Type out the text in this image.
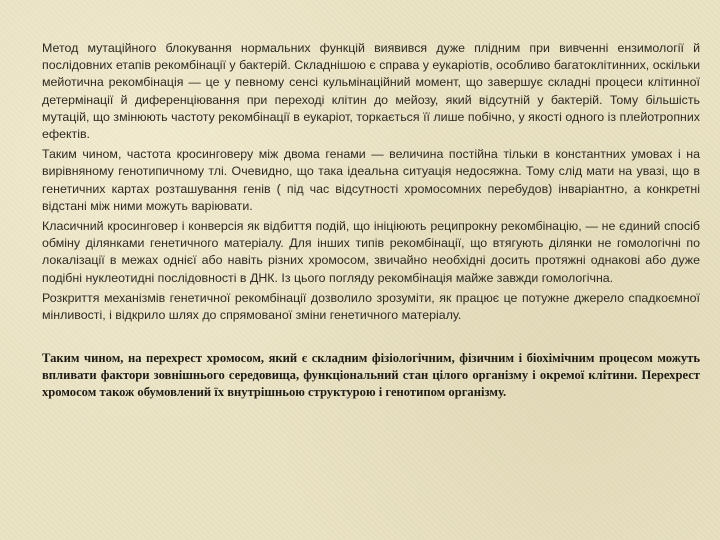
Метод мутаційного блокування нормальних функцій виявився дуже плідним при вивченні ензимології й послідовних етапів рекомбінації у бактерій. Складнішою є справа у еукаріотів, особливо багатоклітинних, оскільки мейотична рекомбінація — це у певному сенсі кульмінаційний момент, що завершує складні процеси клітинної детермінації й диференціювання при переході клітин до мейозу, який відсутній у бактерій. Тому більшість мутацій, що змінюють частоту рекомбінації в еукаріот, торкається її лише побічно, у якості одного із плейотропних ефектів.

Таким чином, частота кросинговеру між двома генами — величина постійна тільки в константних умовах і на вирівняному генотипичному тлі. Очевидно, що така ідеальна ситуація недосяжна. Тому слід мати на увазі, що в генетичних картах розташування генів ( під час відсутності хромосомних перебудов) інваріантно, а конкретні відстані між ними можуть варіювати.

Класичний кросинговер і конверсія як відбиття подій, що ініціюють реципрокну рекомбінацію, — не єдиний спосіб обміну ділянками генетичного матеріалу. Для інших типів рекомбінації, що втягують ділянки не гомологічні по локалізації в межах однієї або навіть різних хромосом, звичайно необхідні досить протяжні однакові або дуже подібні нуклеотидні послідовності в ДНК. Із цього погляду рекомбінація майже завжди гомологічна.

Розкриття механізмів генетичної рекомбінації дозволило зрозуміти, як працює це потужне джерело спадкоємної мінливості, і відкрило шлях до спрямованої зміни генетичного матеріалу.

Таким чином, на перехрест хромосом, який є складним фізіологічним, фізичним і біохімічним процесом можуть впливати фактори зовнішнього середовища, функціональний стан цілого організму і окремої клітини. Перехрест хромосом також обумовлений їх внутрішньою структурою і генотипом організму.
